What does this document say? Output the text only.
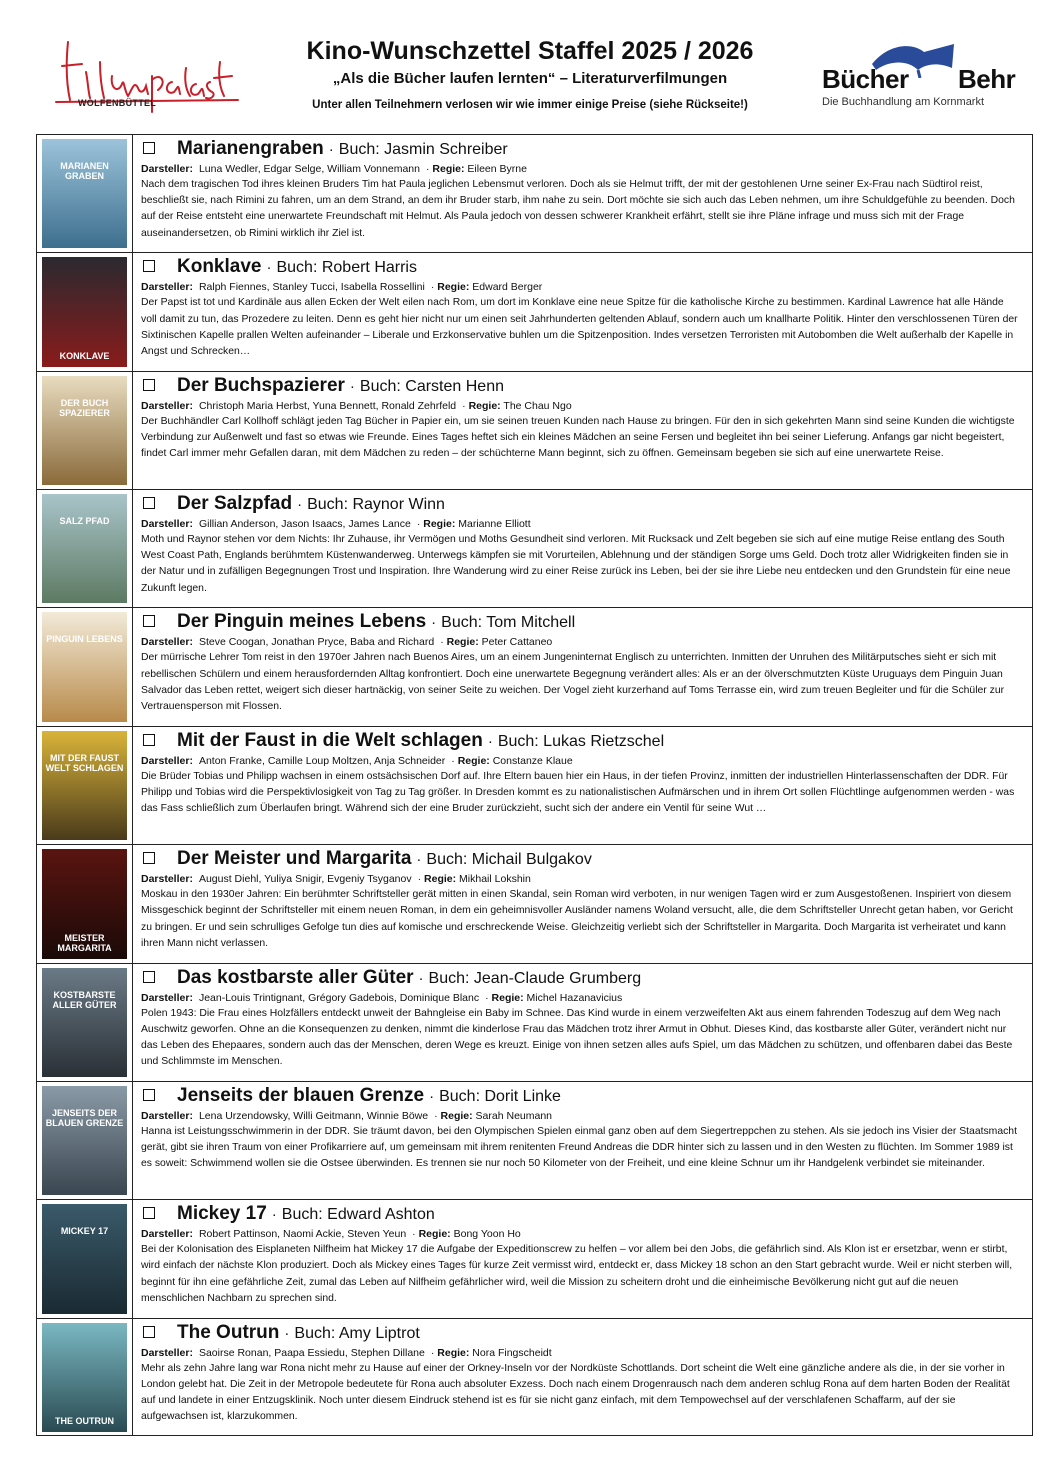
WOLFENBÜTTEL
Kino-Wunschzettel Staffel 2025 / 2026
„Als die Bücher laufen lernten“ – Literaturverfilmungen
Unter allen Teilnehmern verlosen wir wie immer einige Preise (siehe Rückseite!)
Bücher Behr
Die Buchhandlung am Kornmarkt
MARIANEN GRABEN
Marianengraben · Buch: Jasmin Schreiber
Darsteller: Luna Wedler, Edgar Selge, William Vonnemann · Regie: Eileen Byrne
Nach dem tragischen Tod ihres kleinen Bruders Tim hat Paula jeglichen Lebensmut verloren. Doch als sie Helmut trifft, der mit der gestohlenen Urne seiner Ex-Frau nach Südtirol reist, beschließt sie, nach Rimini zu fahren, um an dem Strand, an dem ihr Bruder starb, ihm nahe zu sein. Dort möchte sie sich auch das Leben nehmen, um ihre Schuldgefühle zu beenden. Doch auf der Reise entsteht eine unerwartete Freundschaft mit Helmut. Als Paula jedoch von dessen schwerer Krankheit erfährt, stellt sie ihre Pläne infrage und muss sich mit der Frage auseinandersetzen, ob Rimini wirklich ihr Ziel ist.
KONKLAVE
Konklave · Buch: Robert Harris
Darsteller: Ralph Fiennes, Stanley Tucci, Isabella Rossellini · Regie: Edward Berger
Der Papst ist tot und Kardinäle aus allen Ecken der Welt eilen nach Rom, um dort im Konklave eine neue Spitze für die katholische Kirche zu bestimmen. Kardinal Lawrence hat alle Hände voll damit zu tun, das Prozedere zu leiten. Denn es geht hier nicht nur um einen seit Jahrhunderten geltenden Ablauf, sondern auch um knallharte Politik. Hinter den verschlossenen Türen der Sixtinischen Kapelle prallen Welten aufeinander – Liberale und Erzkonservative buhlen um die Spitzenposition. Indes versetzen Terroristen mit Autobomben die Welt außerhalb der Kapelle in Angst und Schrecken…
DER BUCH SPAZIERER
Der Buchspazierer · Buch: Carsten Henn
Darsteller: Christoph Maria Herbst, Yuna Bennett, Ronald Zehrfeld · Regie: The Chau Ngo
Der Buchhändler Carl Kollhoff schlägt jeden Tag Bücher in Papier ein, um sie seinen treuen Kunden nach Hause zu bringen. Für den in sich gekehrten Mann sind seine Kunden die wichtigste Verbindung zur Außenwelt und fast so etwas wie Freunde. Eines Tages heftet sich ein kleines Mädchen an seine Fersen und begleitet ihn bei seiner Lieferung. Anfangs gar nicht begeistert, findet Carl immer mehr Gefallen daran, mit dem Mädchen zu reden – der schüchterne Mann beginnt, sich zu öffnen. Gemeinsam begeben sie sich auf eine unerwartete Reise.
SALZ PFAD
Der Salzpfad · Buch: Raynor Winn
Darsteller: Gillian Anderson, Jason Isaacs, James Lance · Regie: Marianne Elliott
Moth und Raynor stehen vor dem Nichts: Ihr Zuhause, ihr Vermögen und Moths Gesundheit sind verloren. Mit Rucksack und Zelt begeben sie sich auf eine mutige Reise entlang des South West Coast Path, Englands berühmtem Küstenwanderweg. Unterwegs kämpfen sie mit Vorurteilen, Ablehnung und der ständigen Sorge ums Geld. Doch trotz aller Widrigkeiten finden sie in der Natur und in zufälligen Begegnungen Trost und Inspiration. Ihre Wanderung wird zu einer Reise zurück ins Leben, bei der sie ihre Liebe neu entdecken und den Grundstein für eine neue Zukunft legen.
PINGUIN LEBENS
Der Pinguin meines Lebens · Buch: Tom Mitchell
Darsteller: Steve Coogan, Jonathan Pryce, Baba and Richard · Regie: Peter Cattaneo
Der mürrische Lehrer Tom reist in den 1970er Jahren nach Buenos Aires, um an einem Jungeninternat Englisch zu unterrichten. Inmitten der Unruhen des Militärputsches sieht er sich mit rebellischen Schülern und einem herausfordernden Alltag konfrontiert. Doch eine unerwartete Begegnung verändert alles: Als er an der ölverschmutzten Küste Uruguays dem Pinguin Juan Salvador das Leben rettet, weigert sich dieser hartnäckig, von seiner Seite zu weichen. Der Vogel zieht kurzerhand auf Toms Terrasse ein, wird zum treuen Begleiter und für die Schüler zur Vertrauensperson mit Flossen.
MIT DER FAUST WELT SCHLAGEN
Mit der Faust in die Welt schlagen · Buch: Lukas Rietzschel
Darsteller: Anton Franke, Camille Loup Moltzen, Anja Schneider · Regie: Constanze Klaue
Die Brüder Tobias und Philipp wachsen in einem ostsächsischen Dorf auf. Ihre Eltern bauen hier ein Haus, in der tiefen Provinz, inmitten der industriellen Hinterlassenschaften der DDR. Für Philipp und Tobias wird die Perspektivlosigkeit von Tag zu Tag größer. In Dresden kommt es zu nationalistischen Aufmärschen und in ihrem Ort sollen Flüchtlinge aufgenommen werden - was das Fass schließlich zum Überlaufen bringt. Während sich der eine Bruder zurückzieht, sucht sich der andere ein Ventil für seine Wut …
MEISTER MARGARITA
Der Meister und Margarita · Buch: Michail Bulgakov
Darsteller: August Diehl, Yuliya Snigir, Evgeniy Tsyganov · Regie: Mikhail Lokshin
Moskau in den 1930er Jahren: Ein berühmter Schriftsteller gerät mitten in einen Skandal, sein Roman wird verboten, in nur wenigen Tagen wird er zum Ausgestoßenen. Inspiriert von diesem Missgeschick beginnt der Schriftsteller mit einem neuen Roman, in dem ein geheimnisvoller Ausländer namens Woland versucht, alle, die dem Schriftsteller Unrecht getan haben, vor Gericht zu bringen. Er und sein schrulliges Gefolge tun dies auf komische und erschreckende Weise. Gleichzeitig verliebt sich der Schriftsteller in Margarita. Doch Margarita ist verheiratet und kann ihren Mann nicht verlassen.
KOSTBARSTE ALLER GÜTER
Das kostbarste aller Güter · Buch: Jean-Claude Grumberg
Darsteller: Jean-Louis Trintignant, Grégory Gadebois, Dominique Blanc · Regie: Michel Hazanavicius
Polen 1943: Die Frau eines Holzfällers entdeckt unweit der Bahngleise ein Baby im Schnee. Das Kind wurde in einem verzweifelten Akt aus einem fahrenden Todeszug auf dem Weg nach Auschwitz geworfen. Ohne an die Konsequenzen zu denken, nimmt die kinderlose Frau das Mädchen trotz ihrer Armut in Obhut. Dieses Kind, das kostbarste aller Güter, verändert nicht nur das Leben des Ehepaares, sondern auch das der Menschen, deren Wege es kreuzt. Einige von ihnen setzen alles aufs Spiel, um das Mädchen zu schützen, und offenbaren dabei das Beste und Schlimmste im Menschen.
JENSEITS DER BLAUEN GRENZE
Jenseits der blauen Grenze · Buch: Dorit Linke
Darsteller: Lena Urzendowsky, Willi Geitmann, Winnie Böwe · Regie: Sarah Neumann
Hanna ist Leistungsschwimmerin in der DDR. Sie träumt davon, bei den Olympischen Spielen einmal ganz oben auf dem Siegertreppchen zu stehen. Als sie jedoch ins Visier der Staatsmacht gerät, gibt sie ihren Traum von einer Profikarriere auf, um gemeinsam mit ihrem renitenten Freund Andreas die DDR hinter sich zu lassen und in den Westen zu flüchten. Im Sommer 1989 ist es soweit: Schwimmend wollen sie die Ostsee überwinden. Es trennen sie nur noch 50 Kilometer von der Freiheit, und eine kleine Schnur um ihr Handgelenk verbindet sie miteinander.
MICKEY 17
Mickey 17 · Buch: Edward Ashton
Darsteller: Robert Pattinson, Naomi Ackie, Steven Yeun · Regie: Bong Yoon Ho
Bei der Kolonisation des Eisplaneten Nilfheim hat Mickey 17 die Aufgabe der Expeditionscrew zu helfen – vor allem bei den Jobs, die gefährlich sind. Als Klon ist er ersetzbar, wenn er stirbt, wird einfach der nächste Klon produziert. Doch als Mickey eines Tages für kurze Zeit vermisst wird, entdeckt er, dass Mickey 18 schon an den Start gebracht wurde. Weil er nicht sterben will, beginnt für ihn eine gefährliche Zeit, zumal das Leben auf Nilfheim gefährlicher wird, weil die Mission zu scheitern droht und die einheimische Bevölkerung nicht gut auf die neuen menschlichen Nachbarn zu sprechen sind.
THE OUTRUN
The Outrun · Buch: Amy Liptrot
Darsteller: Saoirse Ronan, Paapa Essiedu, Stephen Dillane · Regie: Nora Fingscheidt
Mehr als zehn Jahre lang war Rona nicht mehr zu Hause auf einer der Orkney-Inseln vor der Nordküste Schottlands. Dort scheint die Welt eine gänzliche andere als die, in der sie vorher in London gelebt hat. Die Zeit in der Metropole bedeutete für Rona auch absoluter Exzess. Doch nach einem Drogenrausch nach dem anderen schlug Rona auf dem harten Boden der Realität auf und landete in einer Entzugsklinik. Noch unter diesem Eindruck stehend ist es für sie nicht ganz einfach, mit dem Tempowechsel auf der verschlafenen Schaffarm, auf der sie aufgewachsen ist, klarzukommen.
